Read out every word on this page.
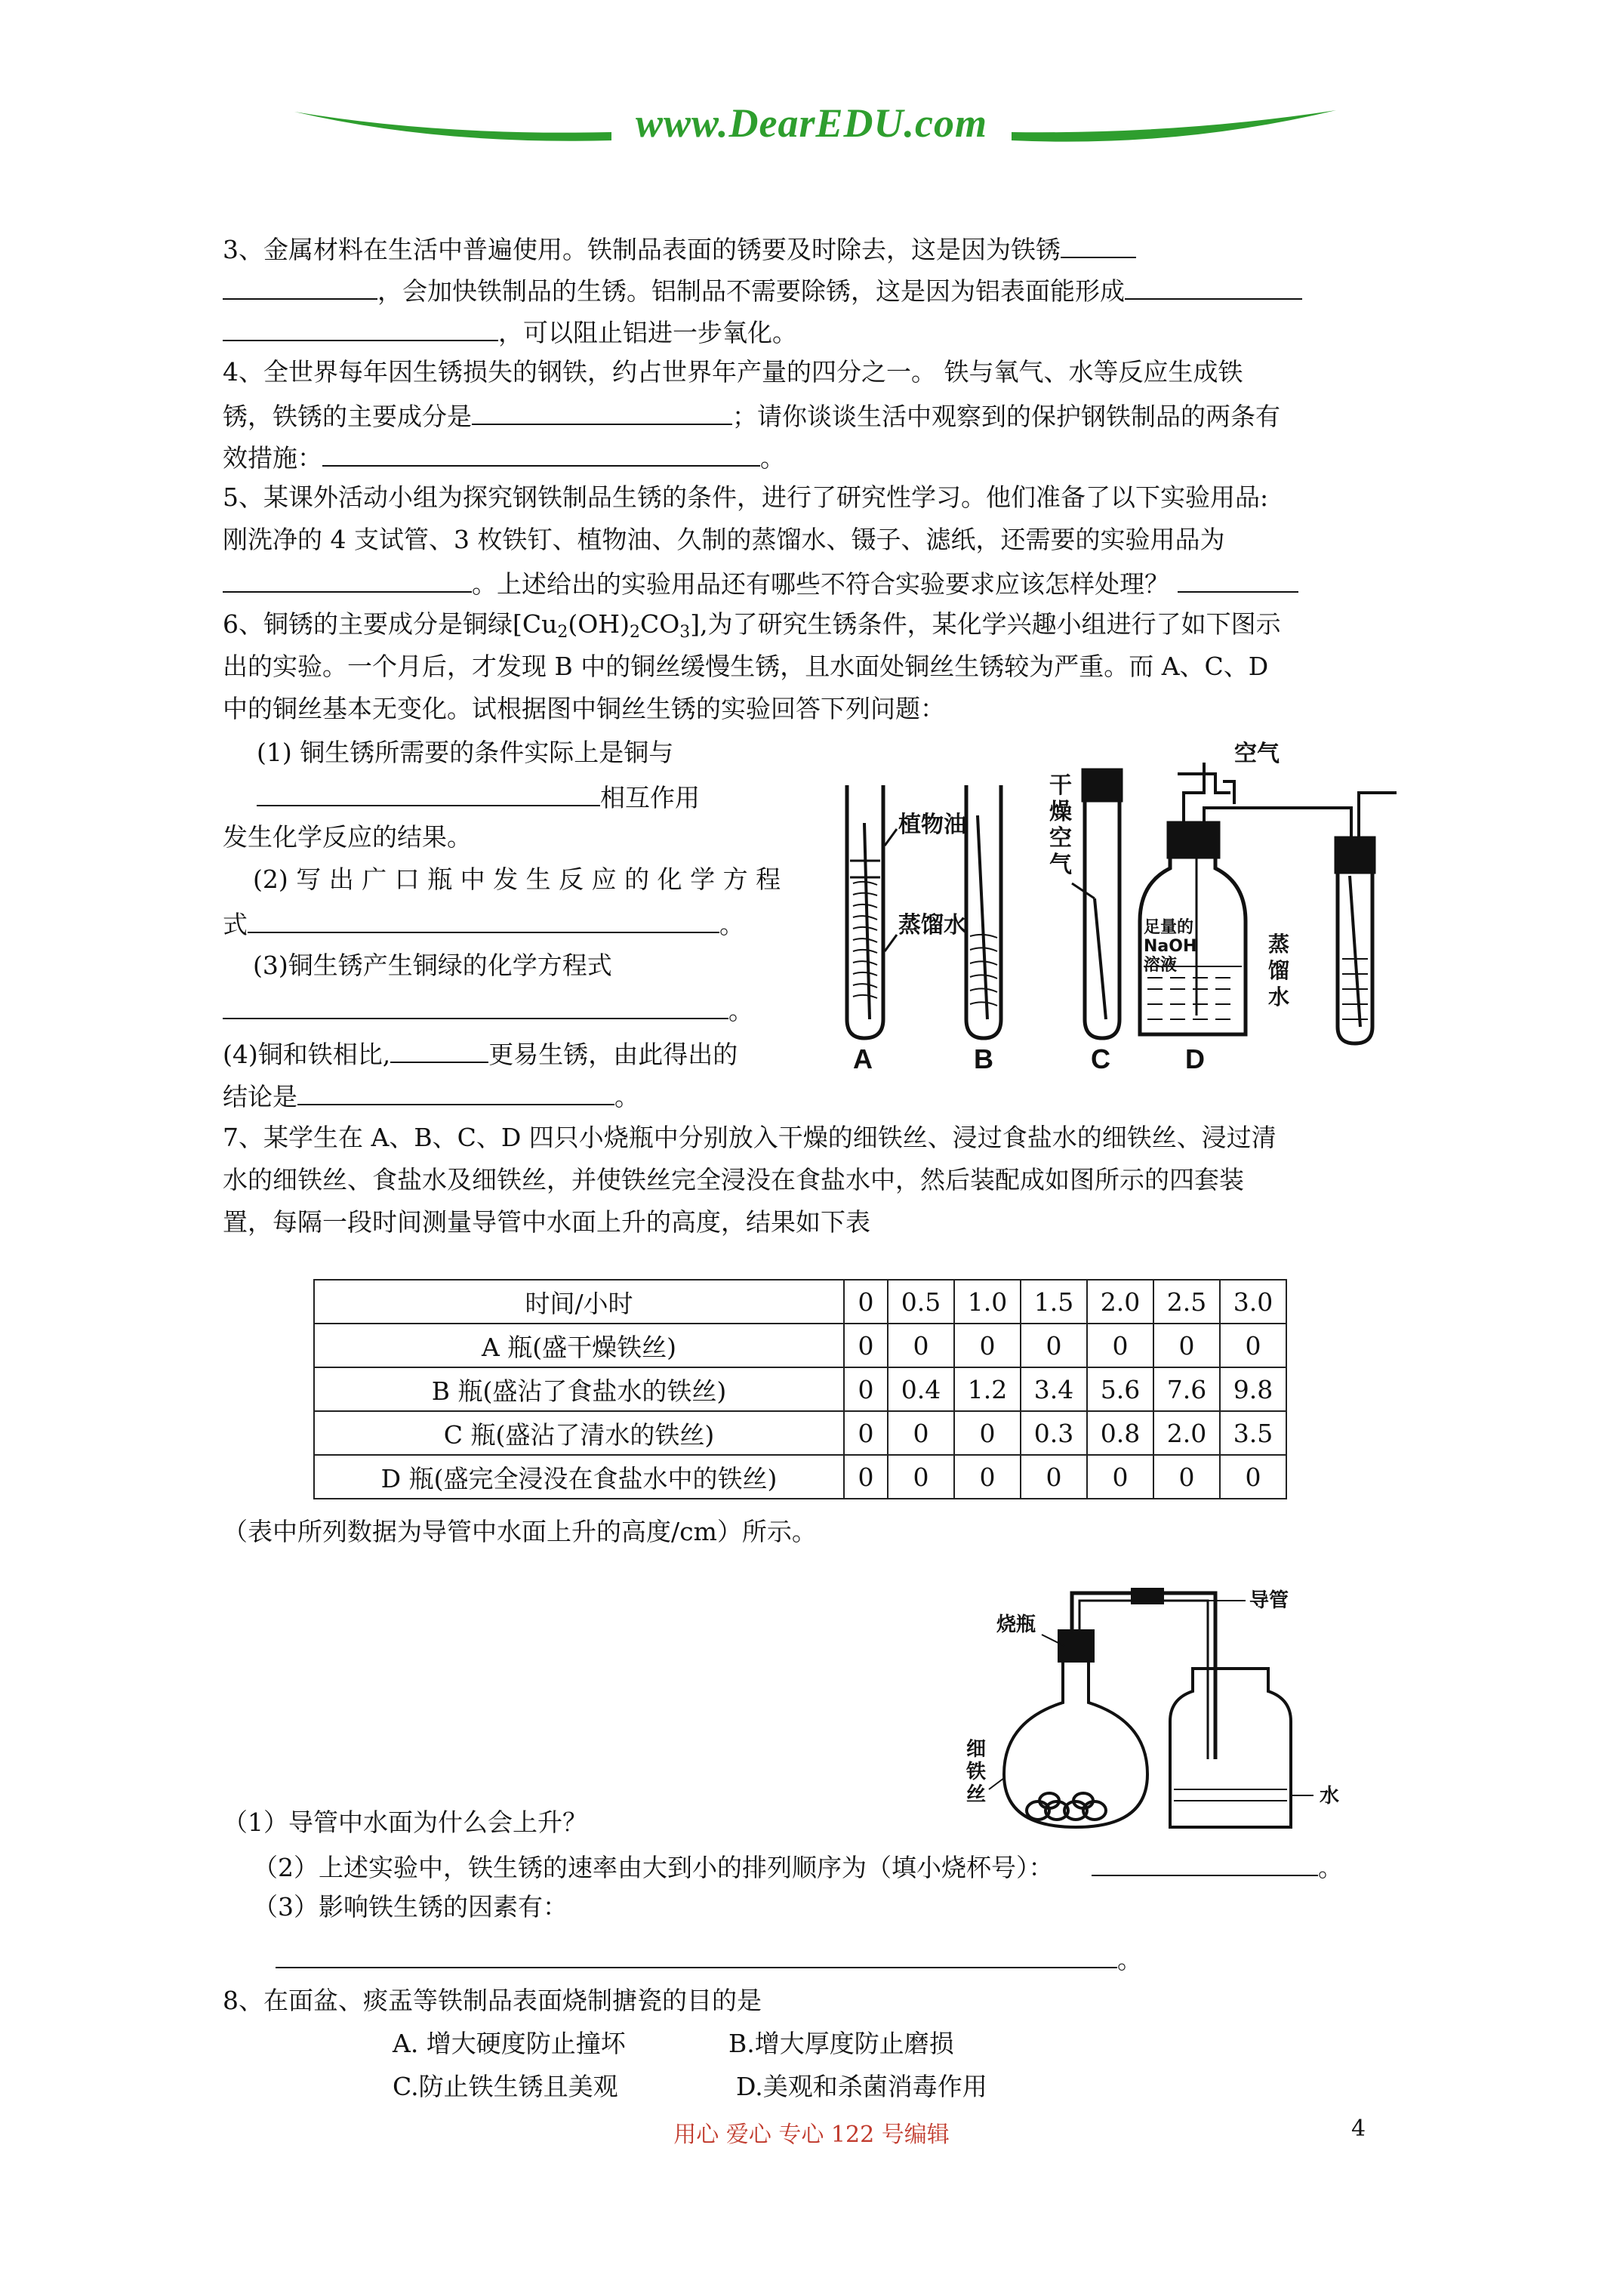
www.DearEDU.com
3、金属材料在生活中普遍使用。铁制品表面的锈要及时除去，这是因为铁锈
，会加快铁制品的生锈。铝制品不需要除锈，这是因为铝表面能形成
，可以阻止铝进一步氧化。
4、全世界每年因生锈损失的钢铁，约占世界年产量的四分之一。 铁与氧气、水等反应生成铁
锈，铁锈的主要成分是	；请你谈谈生活中观察到的保护钢铁制品的两条有
效措施：	。
5、某课外活动小组为探究钢铁制品生锈的条件，进行了研究性学习。他们准备了以下实验用品:
刚洗净的 4 支试管、3 枚铁钉、植物油、久制的蒸馏水、镊子、滤纸，还需要的实验用品为
。上述给出的实验用品还有哪些不符合实验要求应该怎样处理？
6、铜锈的主要成分是铜绿$[Cu_2(OH)_2CO_3]$,为了研究生锈条件，某化学兴趣小组进行了如下图示
出的实验。一个月后，才发现 B 中的铜丝缓慢生锈，且水面处铜丝生锈较为严重。而 A、C、D
中的铜丝基本无变化。试根据图中铜丝生锈的实验回答下列问题：
(1) 铜生锈所需要的条件实际上是铜与
相互作用
发生化学反应的结果。
(2) 写 出 广 口 瓶 中 发 生 反 应 的 化 学 方 程
式	。
(3)铜生锈产生铜绿的化学方程式
。
(4)铜和铁相比,	更易生锈，由此得出的
结论是	。
植物油
蒸馏水
干
燥
空
气
空气
足量的
NaOH
溶液
蒸
馏
水
A	B	C	D
7、某学生在 A、B、C、D 四只小烧瓶中分别放入干燥的细铁丝、浸过食盐水的细铁丝、浸过清
水的细铁丝、食盐水及细铁丝，并使铁丝完全浸没在食盐水中，然后装配成如图所示的四套装
置，每隔一段时间测量导管中水面上升的高度，结果如下表
时间/小时	0	0.5	1.0	1.5	2.0	2.5	3.0
A 瓶(盛干燥铁丝)	0	0	0	0	0	0	0
B 瓶(盛沾了食盐水的铁丝)	0	0.4	1.2	3.4	5.6	7.6	9.8
C 瓶(盛沾了清水的铁丝)	0	0	0	0.3	0.8	2.0	3.5
D 瓶(盛完全浸没在食盐水中的铁丝)	0	0	0	0	0	0	0
（表中所列数据为导管中水面上升的高度/cm）所示。
烧瓶
导管
水
细
铁
丝
（1）导管中水面为什么会上升？
（2）上述实验中，铁生锈的速率由大到小的排列顺序为（填小烧杯号）：	。
（3）影响铁生锈的因素有：
。
8、在面盆、痰盂等铁制品表面烧制搪瓷的目的是
A. 增大硬度防止撞坏	B.增大厚度防止磨损
C.防止铁生锈且美观	D.美观和杀菌消毒作用
用心 爱心 专心 122 号编辑	4
